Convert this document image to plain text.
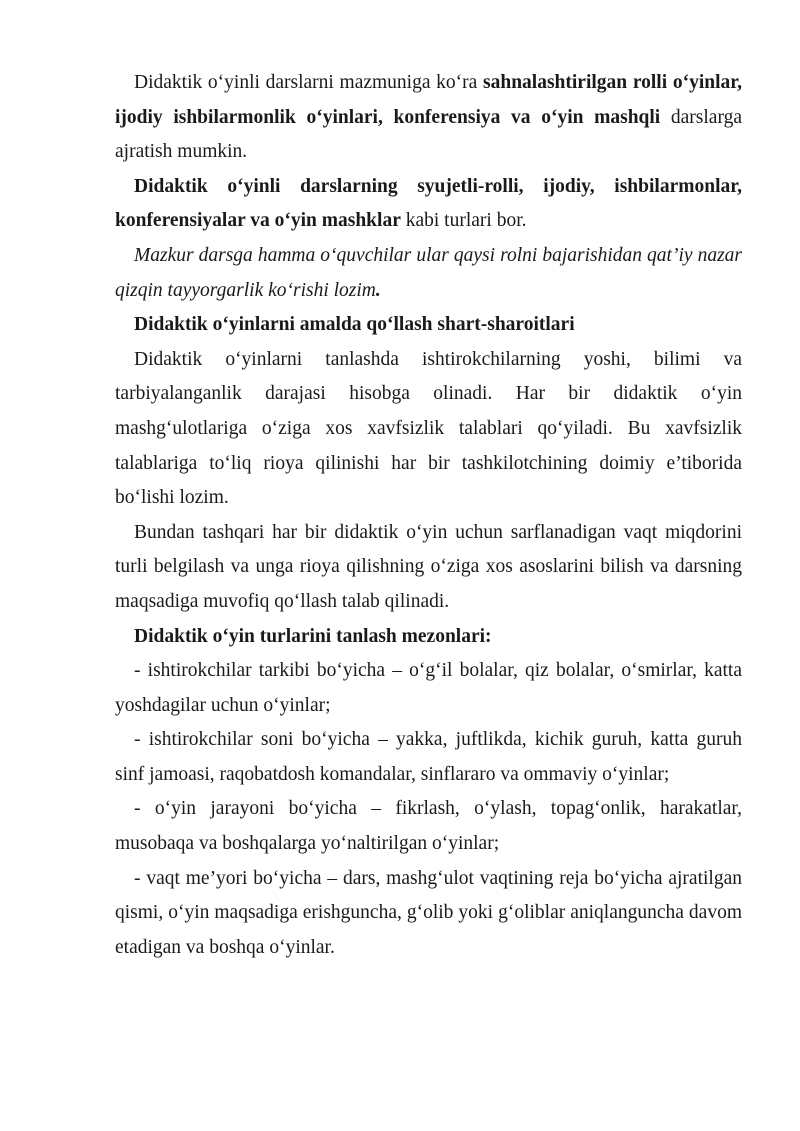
Didaktik o‘yinli darslarni mazmuniga ko‘ra sahnalashtirilgan rolli o‘yinlar, ijodiy ishbilarmonlik o‘yinlari, konferensiya va o‘yin mashqli darslarga ajratish mumkin.

Didaktik o‘yinli darslarning syujetli-rolli, ijodiy, ishbilarmonlar, konferensiyalar va o‘yin mashklar kabi turlari bor.

Mazkur darsga hamma o‘quvchilar ular qaysi rolni bajarishidan qat’iy nazar qizqin tayyorgarlik ko‘rishi lozim.

Didaktik o‘yinlarni amalda qo‘llash shart-sharoitlari

Didaktik o‘yinlarni tanlashda ishtirokchilarning yoshi, bilimi va tarbiyalanganlik darajasi hisobga olinadi. Har bir didaktik o‘yin mashg‘ulotlariga o‘ziga xos xavfsizlik talablari qo‘yiladi. Bu xavfsizlik talablariga to‘liq rioya qilinishi har bir tashkilotchining doimiy e’tiborida bo‘lishi lozim.

Bundan tashqari har bir didaktik o‘yin uchun sarflanadigan vaqt miqdorini turli belgilash va unga rioya qilishning o‘ziga xos asoslarini bilish va darsning maqsadiga muvofiq qo‘llash talab qilinadi.

Didaktik o‘yin turlarini tanlash mezonlari:

- ishtirokchilar tarkibi bo‘yicha – o‘g‘il bolalar, qiz bolalar, o‘smirlar, katta yoshdagilar uchun o‘yinlar;

- ishtirokchilar soni bo‘yicha – yakka, juftlikda, kichik guruh, katta guruh sinf jamoasi, raqobatdosh komandalar, sinflararo va ommaviy o‘yinlar;

- o‘yin jarayoni bo‘yicha – fikrlash, o‘ylash, topag‘onlik, harakatlar, musobaqa va boshqalarga yo‘naltirilgan o‘yinlar;

- vaqt me’yori bo‘yicha – dars, mashg‘ulot vaqtining reja bo‘yicha ajratilgan qismi, o‘yin maqsadiga erishguncha, g‘olib yoki g‘oliblar aniqlanguncha davom etadigan va boshqa o‘yinlar.
